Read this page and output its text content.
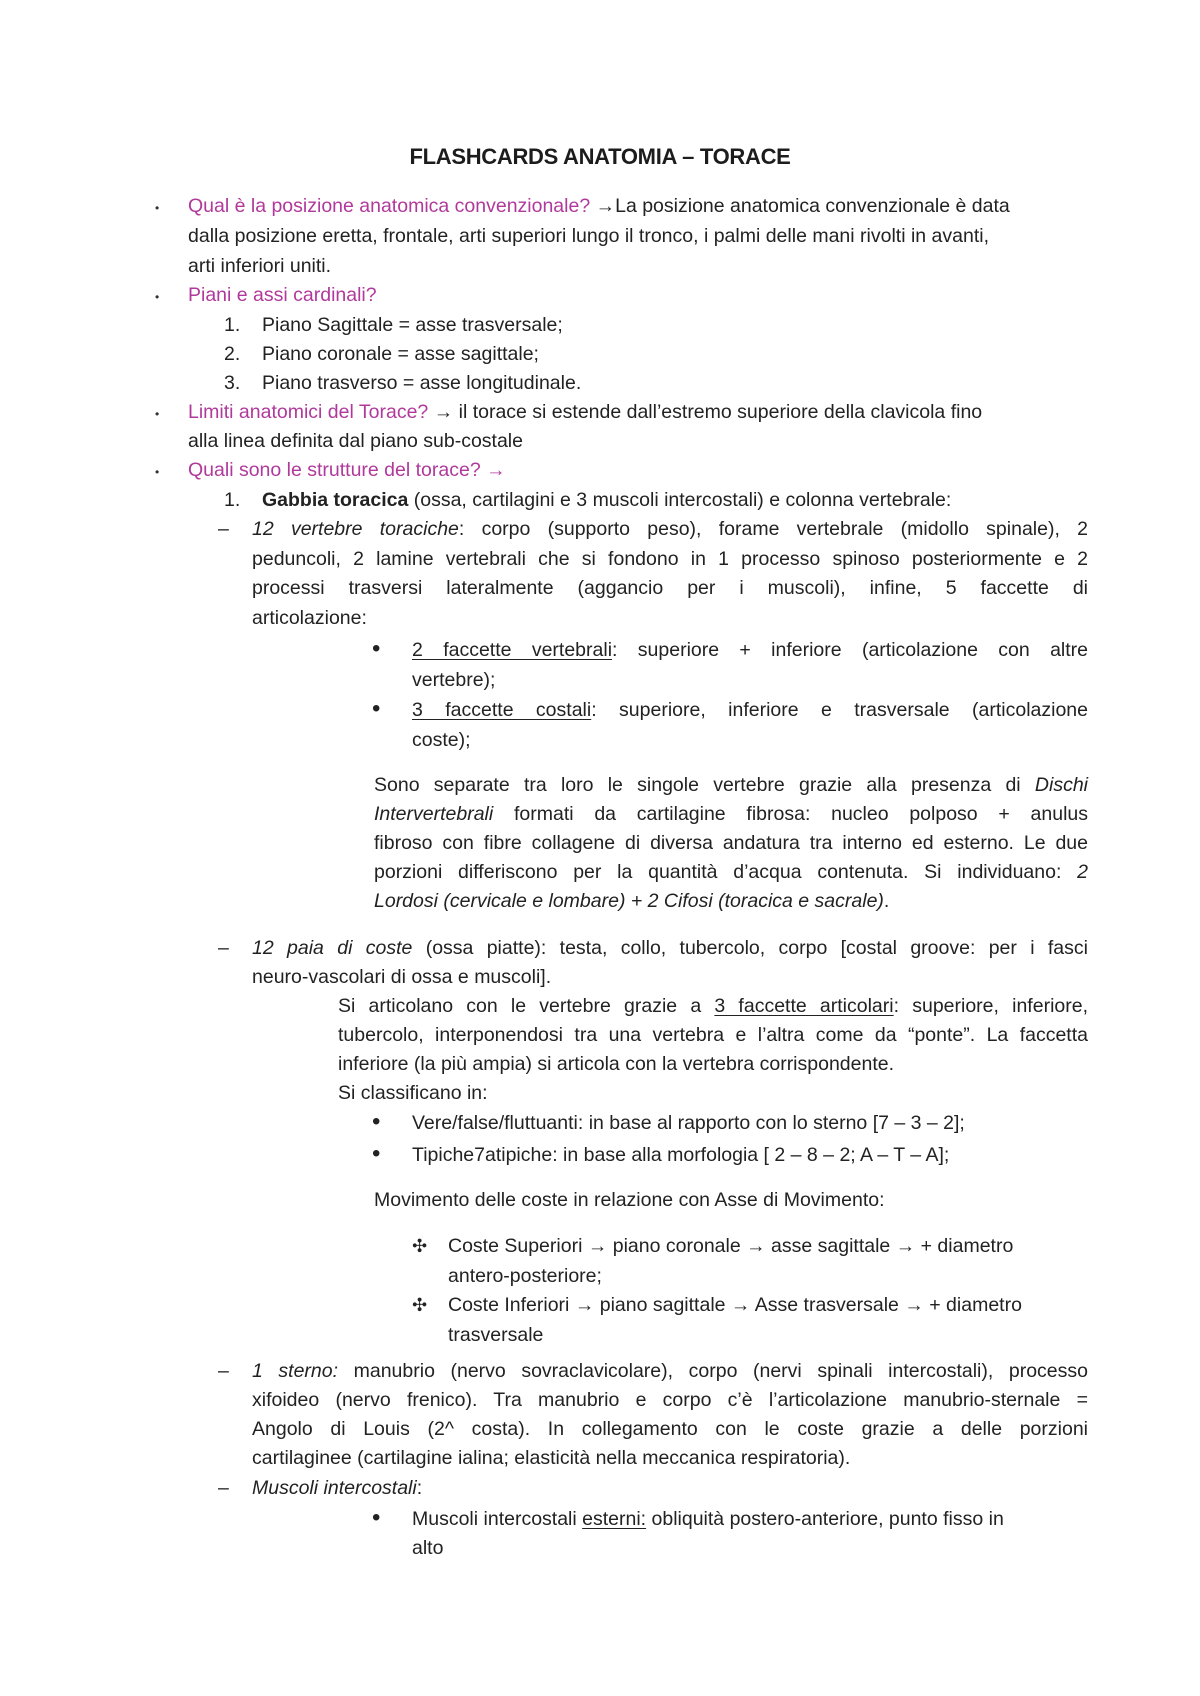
FLASHCARDS ANATOMIA – TORACE
• Qual è la posizione anatomica convenzionale? →La posizione anatomica convenzionale è data
dalla posizione eretta, frontale, arti superiori lungo il tronco, i palmi delle mani rivolti in avanti,
arti inferiori uniti.
• Piani e assi cardinali?
1. Piano Sagittale = asse trasversale;
2. Piano coronale = asse sagittale;
3. Piano trasverso = asse longitudinale.
• Limiti anatomici del Torace? → il torace si estende dall’estremo superiore della clavicola fino
alla linea definita dal piano sub-costale
• Quali sono le strutture del torace? →
1. Gabbia toracica (ossa, cartilagini e 3 muscoli intercostali) e colonna vertebrale:
– 12 vertebre toraciche: corpo (supporto peso), forame vertebrale (midollo spinale), 2
peduncoli, 2 lamine vertebrali che si fondono in 1 processo spinoso posteriormente e 2
processi trasversi lateralmente (aggancio per i muscoli), infine, 5 faccette di
articolazione:
• 2 faccette vertebrali: superiore + inferiore (articolazione con altre
vertebre);
• 3 faccette costali: superiore, inferiore e trasversale (articolazione
coste);
Sono separate tra loro le singole vertebre grazie alla presenza di Dischi
Intervertebrali formati da cartilagine fibrosa: nucleo polposo + anulus
fibroso con fibre collagene di diversa andatura tra interno ed esterno. Le due
porzioni differiscono per la quantità d’acqua contenuta. Si individuano: 2
Lordosi (cervicale e lombare) + 2 Cifosi (toracica e sacrale).
– 12 paia di coste (ossa piatte): testa, collo, tubercolo, corpo [costal groove: per i fasci
neuro-vascolari di ossa e muscoli].
Si articolano con le vertebre grazie a 3 faccette articolari: superiore, inferiore,
tubercolo, interponendosi tra una vertebra e l’altra come da “ponte”. La faccetta
inferiore (la più ampia) si articola con la vertebra corrispondente.
Si classificano in:
• Vere/false/fluttuanti: in base al rapporto con lo sterno [7 – 3 – 2];
• Tipiche7atipiche: in base alla morfologia [ 2 – 8 – 2; A – T – A];
Movimento delle coste in relazione con Asse di Movimento:
✣ Coste Superiori → piano coronale → asse sagittale → + diametro
antero-posteriore;
✣ Coste Inferiori → piano sagittale → Asse trasversale → + diametro
trasversale
– 1 sterno: manubrio (nervo sovraclavicolare), corpo (nervi spinali intercostali), processo
xifoideo (nervo frenico). Tra manubrio e corpo c’è l’articolazione manubrio-sternale =
Angolo di Louis (2^ costa). In collegamento con le coste grazie a delle porzioni
cartilaginee (cartilagine ialina; elasticità nella meccanica respiratoria).
– Muscoli intercostali:
• Muscoli intercostali esterni: obliquità postero-anteriore, punto fisso in
alto
